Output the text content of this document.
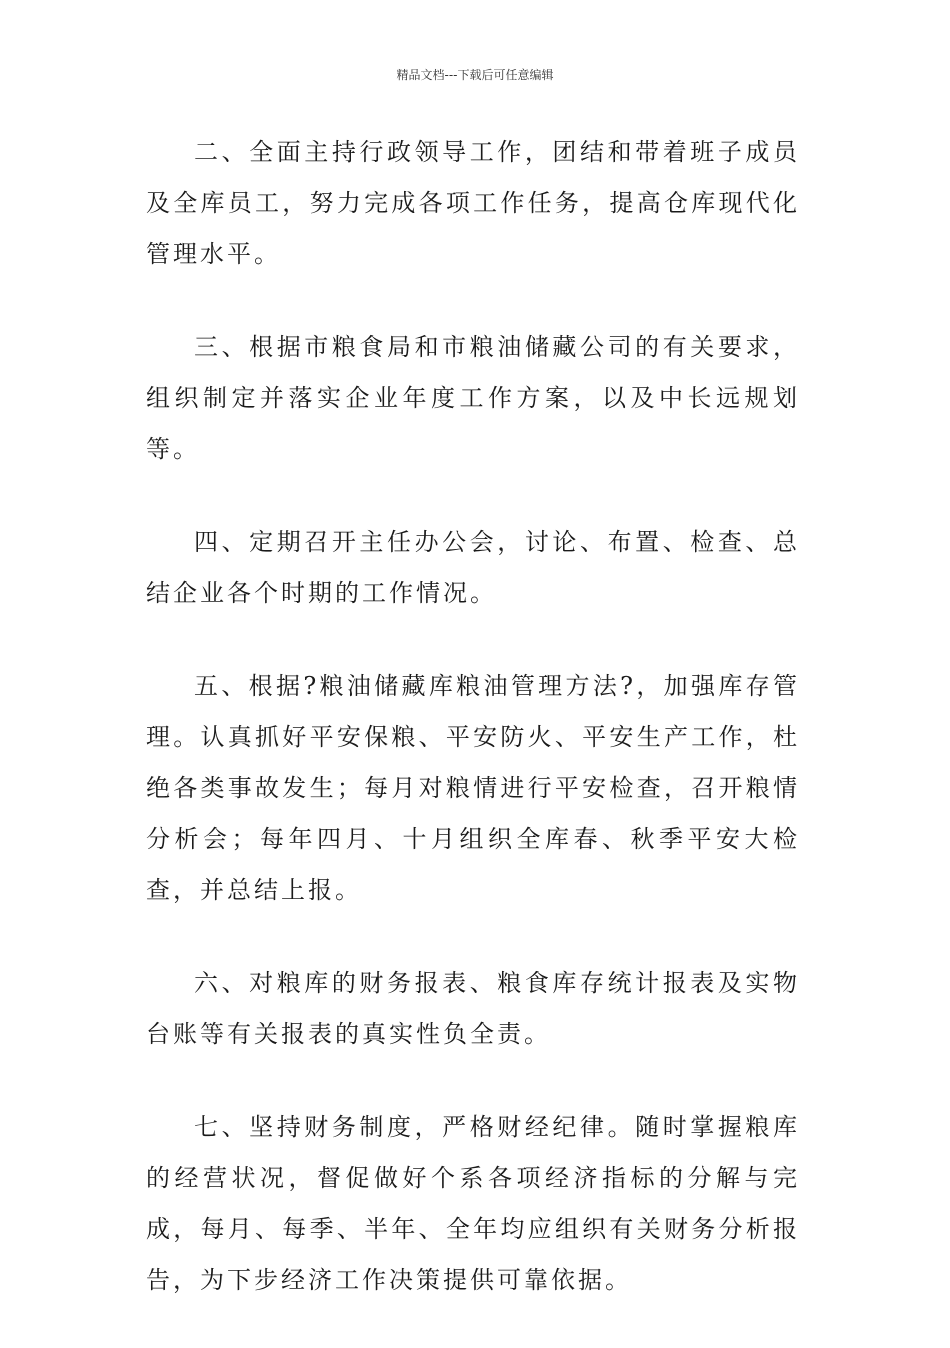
精品文档---下载后可任意编辑

二、全面主持行政领导工作，团结和带着班子成员及全库员工，努力完成各项工作任务，提高仓库现代化管理水平。

三、根据市粮食局和市粮油储藏公司的有关要求，组织制定并落实企业年度工作方案，以及中长远规划等。

四、定期召开主任办公会，讨论、布置、检查、总结企业各个时期的工作情况。

五、根据?粮油储藏库粮油管理方法?，加强库存管理。认真抓好平安保粮、平安防火、平安生产工作，杜绝各类事故发生；每月对粮情进行平安检查，召开粮情分析会；每年四月、十月组织全库春、秋季平安大检查，并总结上报。

六、对粮库的财务报表、粮食库存统计报表及实物台账等有关报表的真实性负全责。

七、坚持财务制度，严格财经纪律。随时掌握粮库的经营状况，督促做好个系各项经济指标的分解与完成，每月、每季、半年、全年均应组织有关财务分析报告，为下步经济工作决策提供可靠依据。
